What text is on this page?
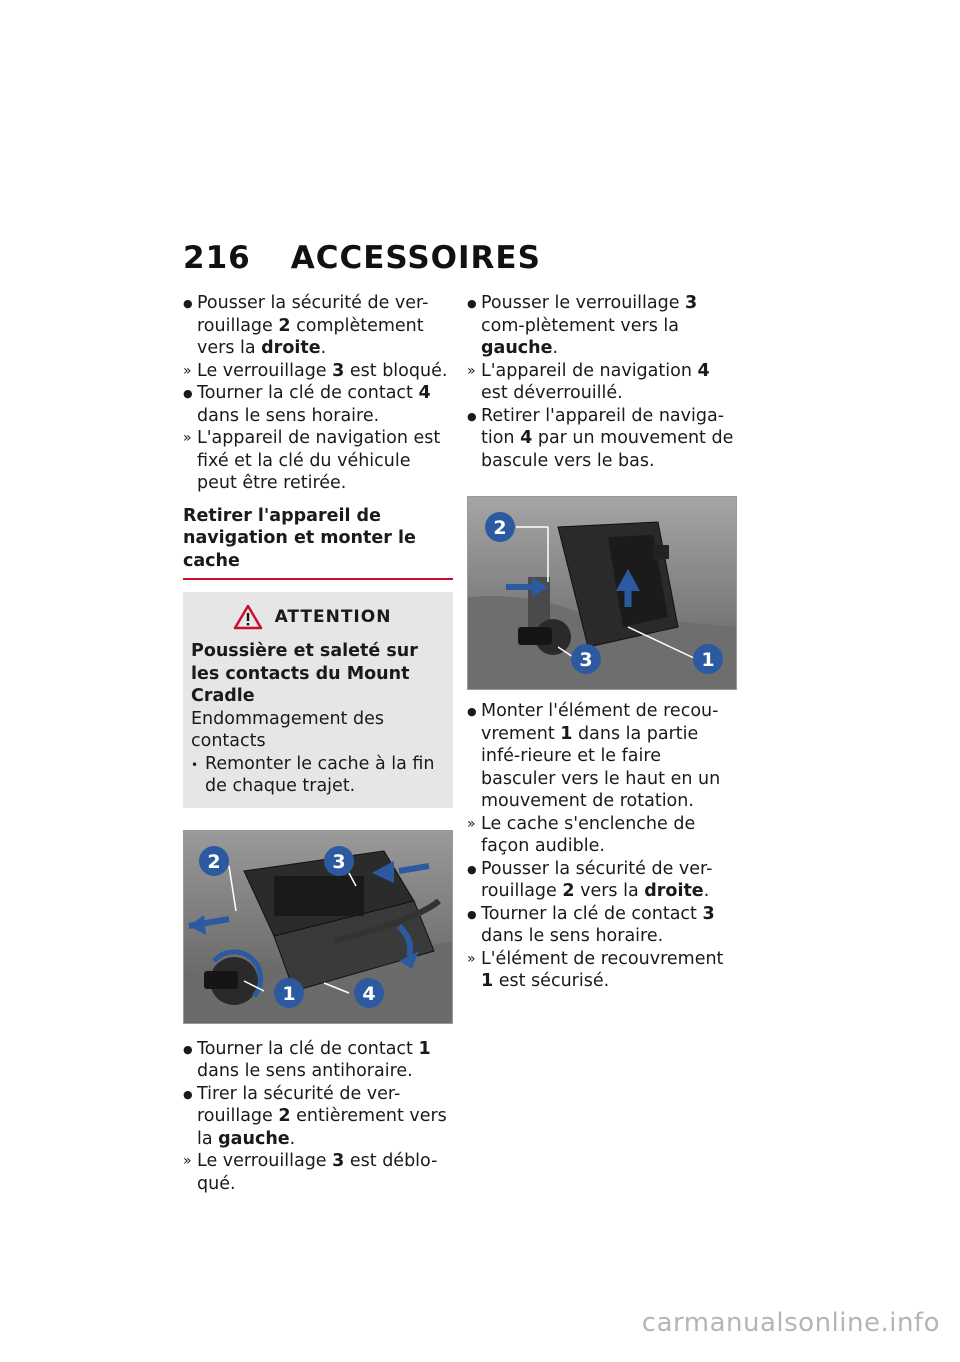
216 ACCESSOIRES
● Pousser la sécurité de ver-rouillage 2 complètement vers la droite.
» Le verrouillage 3 est bloqué.
● Tourner la clé de contact 4 dans le sens horaire.
» L'appareil de navigation est fixé et la clé du véhicule peut être retirée.
Retirer l'appareil de navigation et monter le cache
ATTENTION
Poussière et saleté sur les contacts du Mount Cradle
Endommagement des contacts
• Remonter le cache à la fin de chaque trajet.
2	3
1	4
● Tourner la clé de contact 1 dans le sens antihoraire.
● Tirer la sécurité de ver-rouillage 2 entièrement vers la gauche.
» Le verrouillage 3 est déblo-qué.
● Pousser le verrouillage 3 com-plètement vers la gauche.
» L'appareil de navigation 4 est déverrouillé.
● Retirer l'appareil de naviga-tion 4 par un mouvement de bascule vers le bas.
2
3	1
● Monter l'élément de recou-vrement 1 dans la partie infé-rieure et le faire basculer vers le haut en un mouvement de rotation.
» Le cache s'enclenche de façon audible.
● Pousser la sécurité de ver-rouillage 2 vers la droite.
● Tourner la clé de contact 3 dans le sens horaire.
» L'élément de recouvrement 1 est sécurisé.
carmanualsonline.info
